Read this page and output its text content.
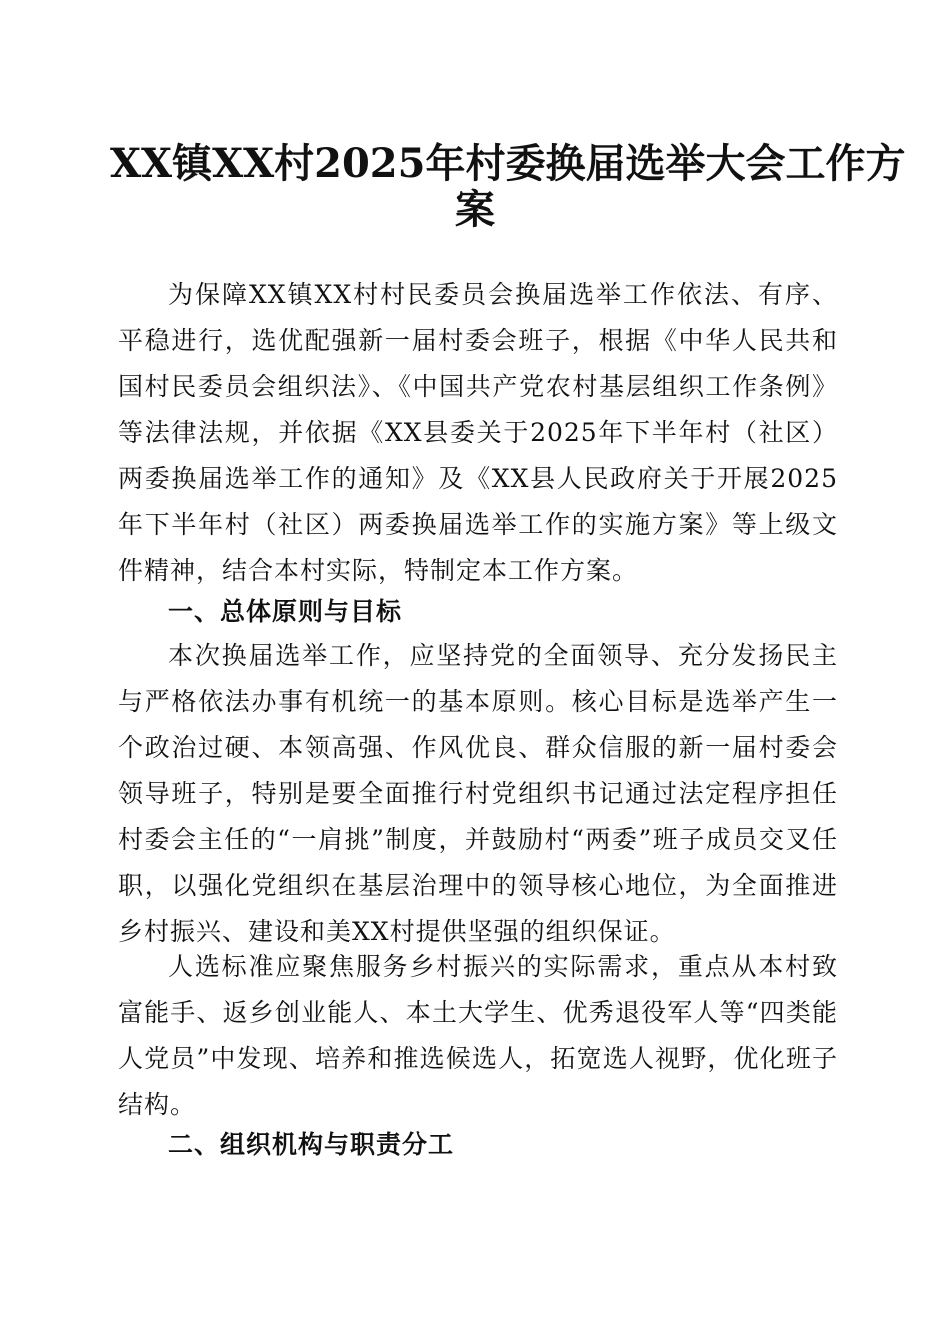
XX镇XX村2025年村委换届选举大会工作方
案

为保障XX镇XX村村民委员会换届选举工作依法、有序、平稳进行，选优配强新一届村委会班子，根据《中华人民共和国村民委员会组织法》、《中国共产党农村基层组织工作条例》等法律法规，并依据《XX县委关于2025年下半年村（社区）两委换届选举工作的通知》及《XX县人民政府关于开展2025年下半年村（社区）两委换届选举工作的实施方案》等上级文件精神，结合本村实际，特制定本工作方案。

一、总体原则与目标

本次换届选举工作，应坚持党的全面领导、充分发扬民主与严格依法办事有机统一的基本原则。核心目标是选举产生一个政治过硬、本领高强、作风优良、群众信服的新一届村委会领导班子，特别是要全面推行村党组织书记通过法定程序担任村委会主任的“一肩挑”制度，并鼓励村“两委”班子成员交叉任职，以强化党组织在基层治理中的领导核心地位，为全面推进乡村振兴、建设和美XX村提供坚强的组织保证。

人选标准应聚焦服务乡村振兴的实际需求，重点从本村致富能手、返乡创业能人、本土大学生、优秀退役军人等“四类能人党员”中发现、培养和推选候选人，拓宽选人视野，优化班子结构。

二、组织机构与职责分工
